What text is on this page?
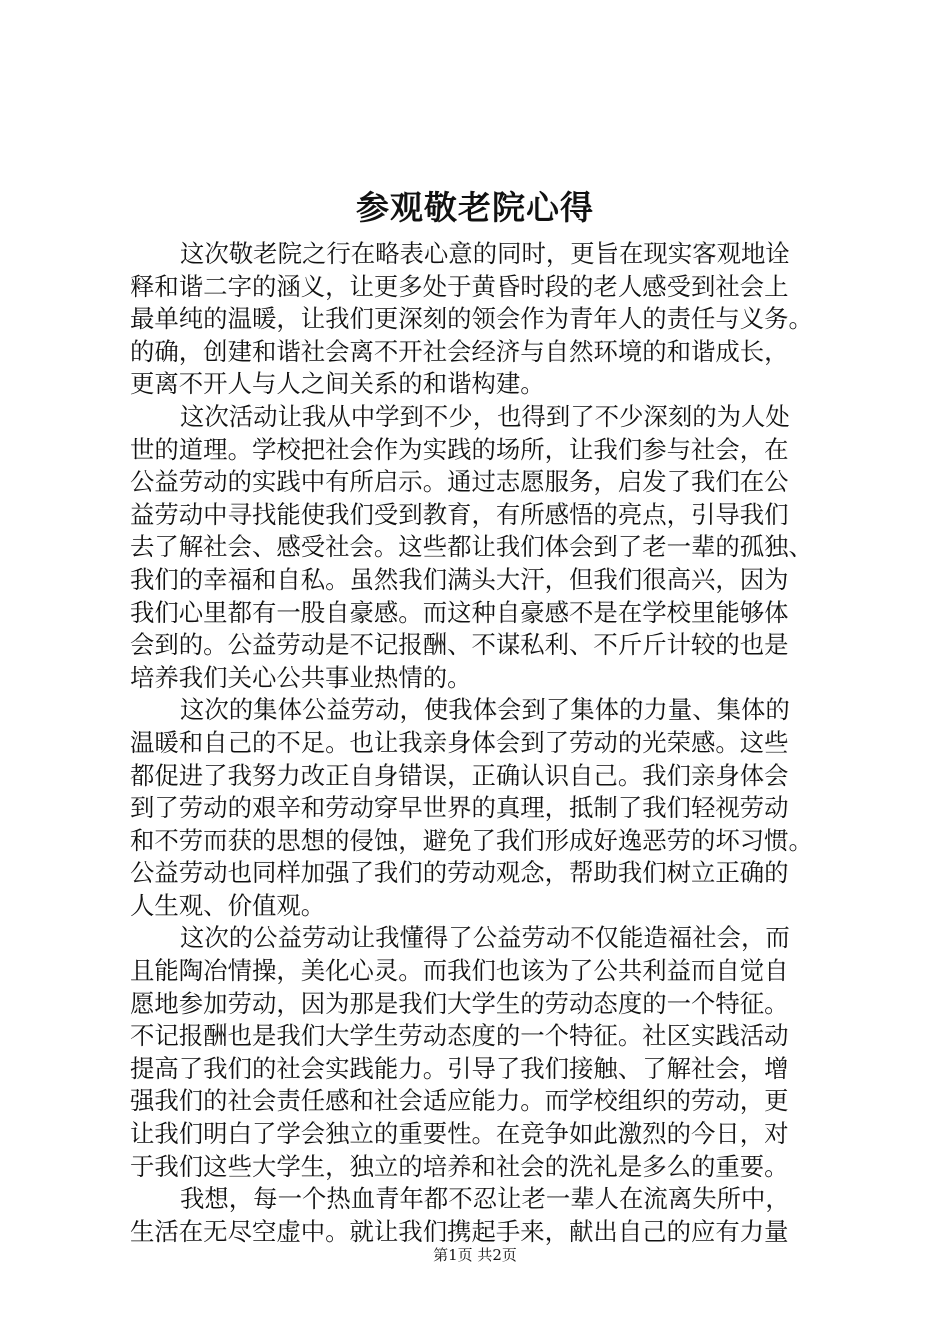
参观敬老院心得
这次敬老院之行在略表心意的同时，更旨在现实客观地诠
释和谐二字的涵义，让更多处于黄昏时段的老人感受到社会上
最单纯的温暖，让我们更深刻的领会作为青年人的责任与义务。
的确，创建和谐社会离不开社会经济与自然环境的和谐成长，
更离不开人与人之间关系的和谐构建。
这次活动让我从中学到不少，也得到了不少深刻的为人处
世的道理。学校把社会作为实践的场所，让我们参与社会，在
公益劳动的实践中有所启示。通过志愿服务，启发了我们在公
益劳动中寻找能使我们受到教育，有所感悟的亮点，引导我们
去了解社会、感受社会。这些都让我们体会到了老一辈的孤独、
我们的幸福和自私。虽然我们满头大汗，但我们很高兴，因为
我们心里都有一股自豪感。而这种自豪感不是在学校里能够体
会到的。公益劳动是不记报酬、不谋私利、不斤斤计较的也是
培养我们关心公共事业热情的。
这次的集体公益劳动，使我体会到了集体的力量、集体的
温暖和自己的不足。也让我亲身体会到了劳动的光荣感。这些
都促进了我努力改正自身错误，正确认识自己。我们亲身体会
到了劳动的艰辛和劳动穿早世界的真理，抵制了我们轻视劳动
和不劳而获的思想的侵蚀，避免了我们形成好逸恶劳的坏习惯。
公益劳动也同样加强了我们的劳动观念，帮助我们树立正确的
人生观、价值观。
这次的公益劳动让我懂得了公益劳动不仅能造福社会，而
且能陶冶情操，美化心灵。而我们也该为了公共利益而自觉自
愿地参加劳动，因为那是我们大学生的劳动态度的一个特征。
不记报酬也是我们大学生劳动态度的一个特征。社区实践活动
提高了我们的社会实践能力。引导了我们接触、了解社会，增
强我们的社会责任感和社会适应能力。而学校组织的劳动，更
让我们明白了学会独立的重要性。在竞争如此激烈的今日，对
于我们这些大学生，独立的培养和社会的洗礼是多么的重要。
我想，每一个热血青年都不忍让老一辈人在流离失所中，
生活在无尽空虚中。就让我们携起手来，献出自己的应有力量
第1页 共2页
